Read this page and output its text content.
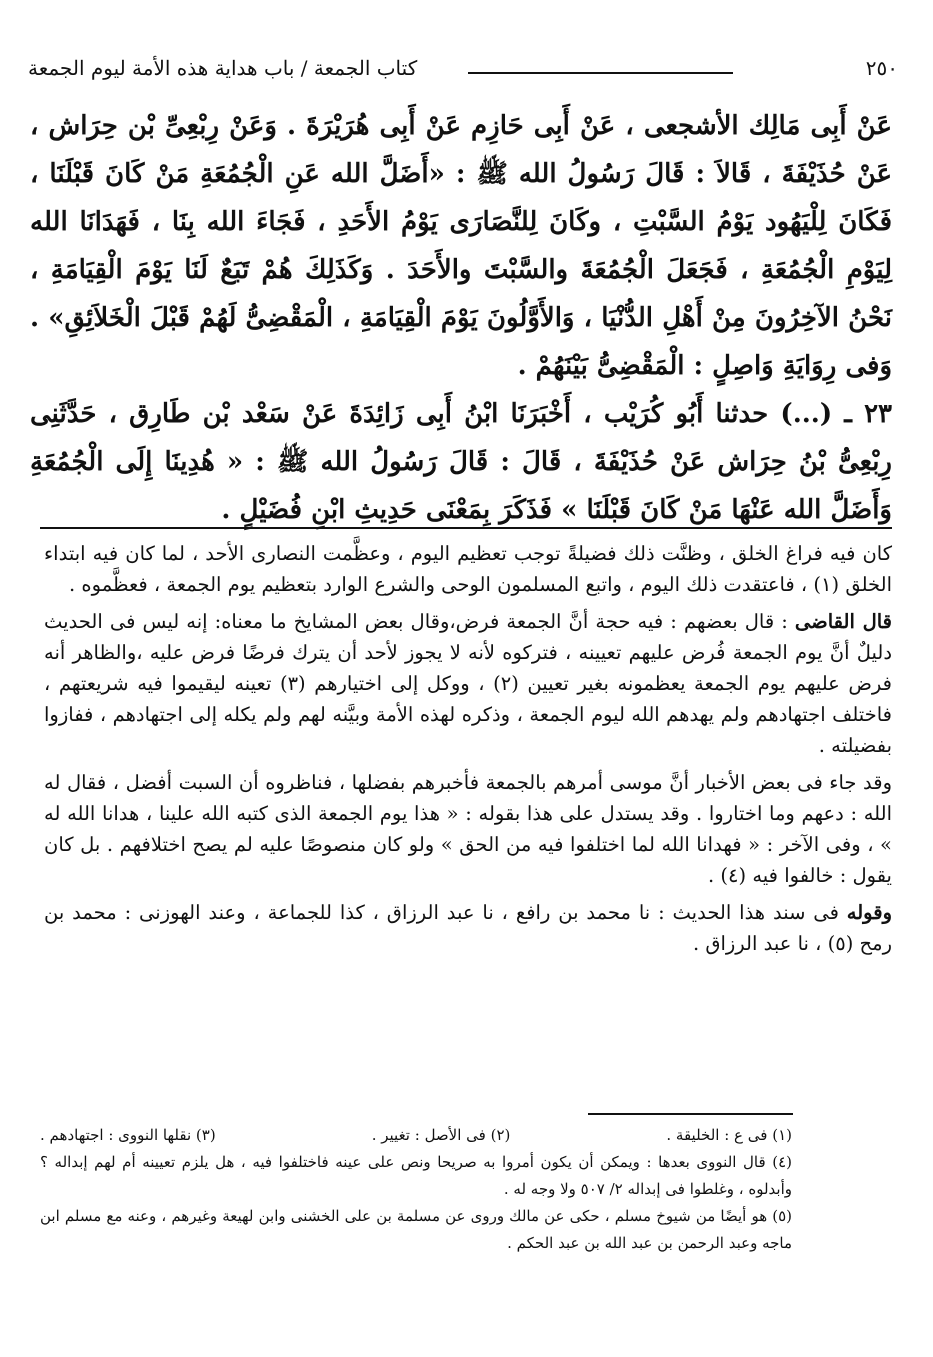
كتاب الجمعة / باب هداية هذه الأمة ليوم الجمعة	٢٥٠

عَنْ أَبِى مَالِك الأشجعى ، عَنْ أَبِى حَازِم عَنْ أَبِى هُرَيْرَةَ . وَعَنْ رِبْعِىِّ بْن حِرَاش ، عَنْ حُذَيْفَةَ ، قَالاَ : قَالَ رَسُولُ الله ﷺ : «أَضَلَّ الله عَنِ الْجُمُعَةِ مَنْ كَانَ قَبْلَنَا ، فَكَانَ لِلْيَهُود يَوْمُ السَّبْتِ ، وكَانَ لِلنَّصَارَى يَوْمُ الأَحَدِ ، فَجَاءَ الله بِنَا ، فَهَدَانَا الله لِيَوْمِ الْجُمُعَةِ ، فَجَعَلَ الْجُمُعَةَ والسَّبْتَ والأَحَدَ . وَكَذَلِكَ هُمْ تَبَعٌ لَنَا يَوْمَ الْقِيَامَةِ ، نَحْنُ الآخِرُونَ مِنْ أَهْلِ الدُّنْيَا ، وَالأَوَّلُونَ يَوْمَ الْقِيَامَةِ ، الْمَقْضِىُّ لَهُمْ قَبْلَ الْخَلاَئِقِ» . وَفى رِوَايَةِ وَاصِلٍ : الْمَقْضِىُّ بَيْنَهُمْ .

٢٣ ـ (...) حدثنا أَبُو كُرَيْب ، أَخْبَرَنَا ابْنُ أَبِى زَائِدَةَ عَنْ سَعْد بْن طَارِق ، حَدَّثَنِى رِبْعِىُّ بْنُ حِرَاش عَنْ حُذَيْفَةَ ، قَالَ : قَالَ رَسُولُ الله ﷺ : « هُدِينَا إِلَى الْجُمُعَةِ وَأَضَلَّ الله عَنْهَا مَنْ كَانَ قَبْلَنَا » فَذَكَرَ بِمَعْنَى حَدِيثِ ابْنِ فُضَيْلٍ .

كان فيه فراغ الخلق ، وظنَّت ذلك فضيلةً توجب تعظيم اليوم ، وعظَّمت النصارى الأحد ، لما كان فيه ابتداء الخلق (١) ، فاعتقدت ذلك اليوم ، واتبع المسلمون الوحى والشرع الوارد بتعظيم يوم الجمعة ، فعظَّموه .

قال القاضى : قال بعضهم : فيه حجة أنَّ الجمعة فرض،وقال بعض المشايخ ما معناه: إنه ليس فى الحديث دليلٌ أنَّ يوم الجمعة فُرض عليهم تعيينه ، فتركوه لأنه لا يجوز لأحد أن يترك فرضًا فرض عليه ،والظاهر أنه فرض عليهم يوم الجمعة يعظمونه بغير تعيين (٢) ، ووكل إلى اختيارهم (٣) تعينه ليقيموا فيه شريعتهم ، فاختلف اجتهادهم ولم يهدهم الله ليوم الجمعة ، وذكره لهذه الأمة وبيَّنه لهم ولم يكله إلى اجتهادهم ، ففازوا بفضيلته .

وقد جاء فى بعض الأخبار أنَّ موسى أمرهم بالجمعة فأخبرهم بفضلها ، فناظروه أن السبت أفضل ، فقال له الله : دعهم وما اختاروا . وقد يستدل على هذا بقوله : « هذا يوم الجمعة الذى كتبه الله علينا ، هدانا الله له » ، وفى الآخر : « فهدانا الله لما اختلفوا فيه من الحق » ولو كان منصوصًا عليه لم يصح اختلافهم . بل كان يقول : خالفوا فيه (٤) .

وقوله فى سند هذا الحديث : نا محمد بن رافع ، نا عبد الرزاق ، كذا للجماعة ، وعند الهوزنى : محمد بن رمح (٥) ، نا عبد الرزاق .

(١) فى ع : الخليقة .
(٢) فى الأصل : تغيير .
(٣) نقلها النووى : اجتهادهم .

(٤) قال النووى بعدها : ويمكن أن يكون أمروا به صريحا ونص على عينه فاختلفوا فيه ، هل يلزم تعيينه أم لهم إبداله ؟ وأبدلوه ، وغلطوا فى إبداله ٢/ ٥٠٧ ولا وجه له .

(٥) هو أيضًا من شيوخ مسلم ، حكى عن مالك وروى عن مسلمة بن على الخشنى وابن لهيعة وغيرهم ، وعنه مع مسلم ابن ماجه وعبد الرحمن بن عبد الله بن عبد الحكم .
